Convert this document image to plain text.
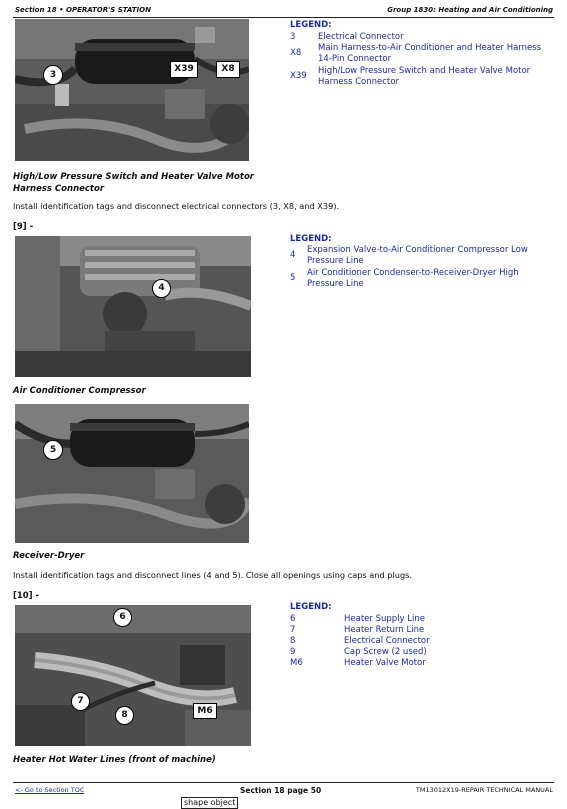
Section 18 • OPERATOR'S STATION	Group 1830: Heating and Air Conditioning
3
X39	X8
LEGEND:
3	Electrical Connector
X8 Main Harness-to-Air Conditioner and Heater Harness 14-Pin Connector
X39 High/Low Pressure Switch and Heater Valve Motor Harness Connector
High/Low Pressure Switch and Heater Valve Motor Harness Connector
Install identification tags and disconnect electrical connectors (3, X8, and X39).
[9] -
4
LEGEND:
4 Expansion Valve-to-Air Conditioner Compressor Low Pressure Line
5 Air Conditioner Condenser-to-Receiver-Dryer High Pressure Line
Air Conditioner Compressor
5
Receiver-Dryer
Install identification tags and disconnect lines (4 and 5). Close all openings using caps and plugs.
[10] -
6
7
8	M6
LEGEND:
6	Heater Supply Line
7	Heater Return Line
8	Electrical Connector
9	Cap Screw (2 used)
M6	Heater Valve Motor
Heater Hot Water Lines (front of machine)
<- Go to Section TOC	Section 18 page 50	TM13012X19-REPAIR TECHNICAL MANUAL
shape object
